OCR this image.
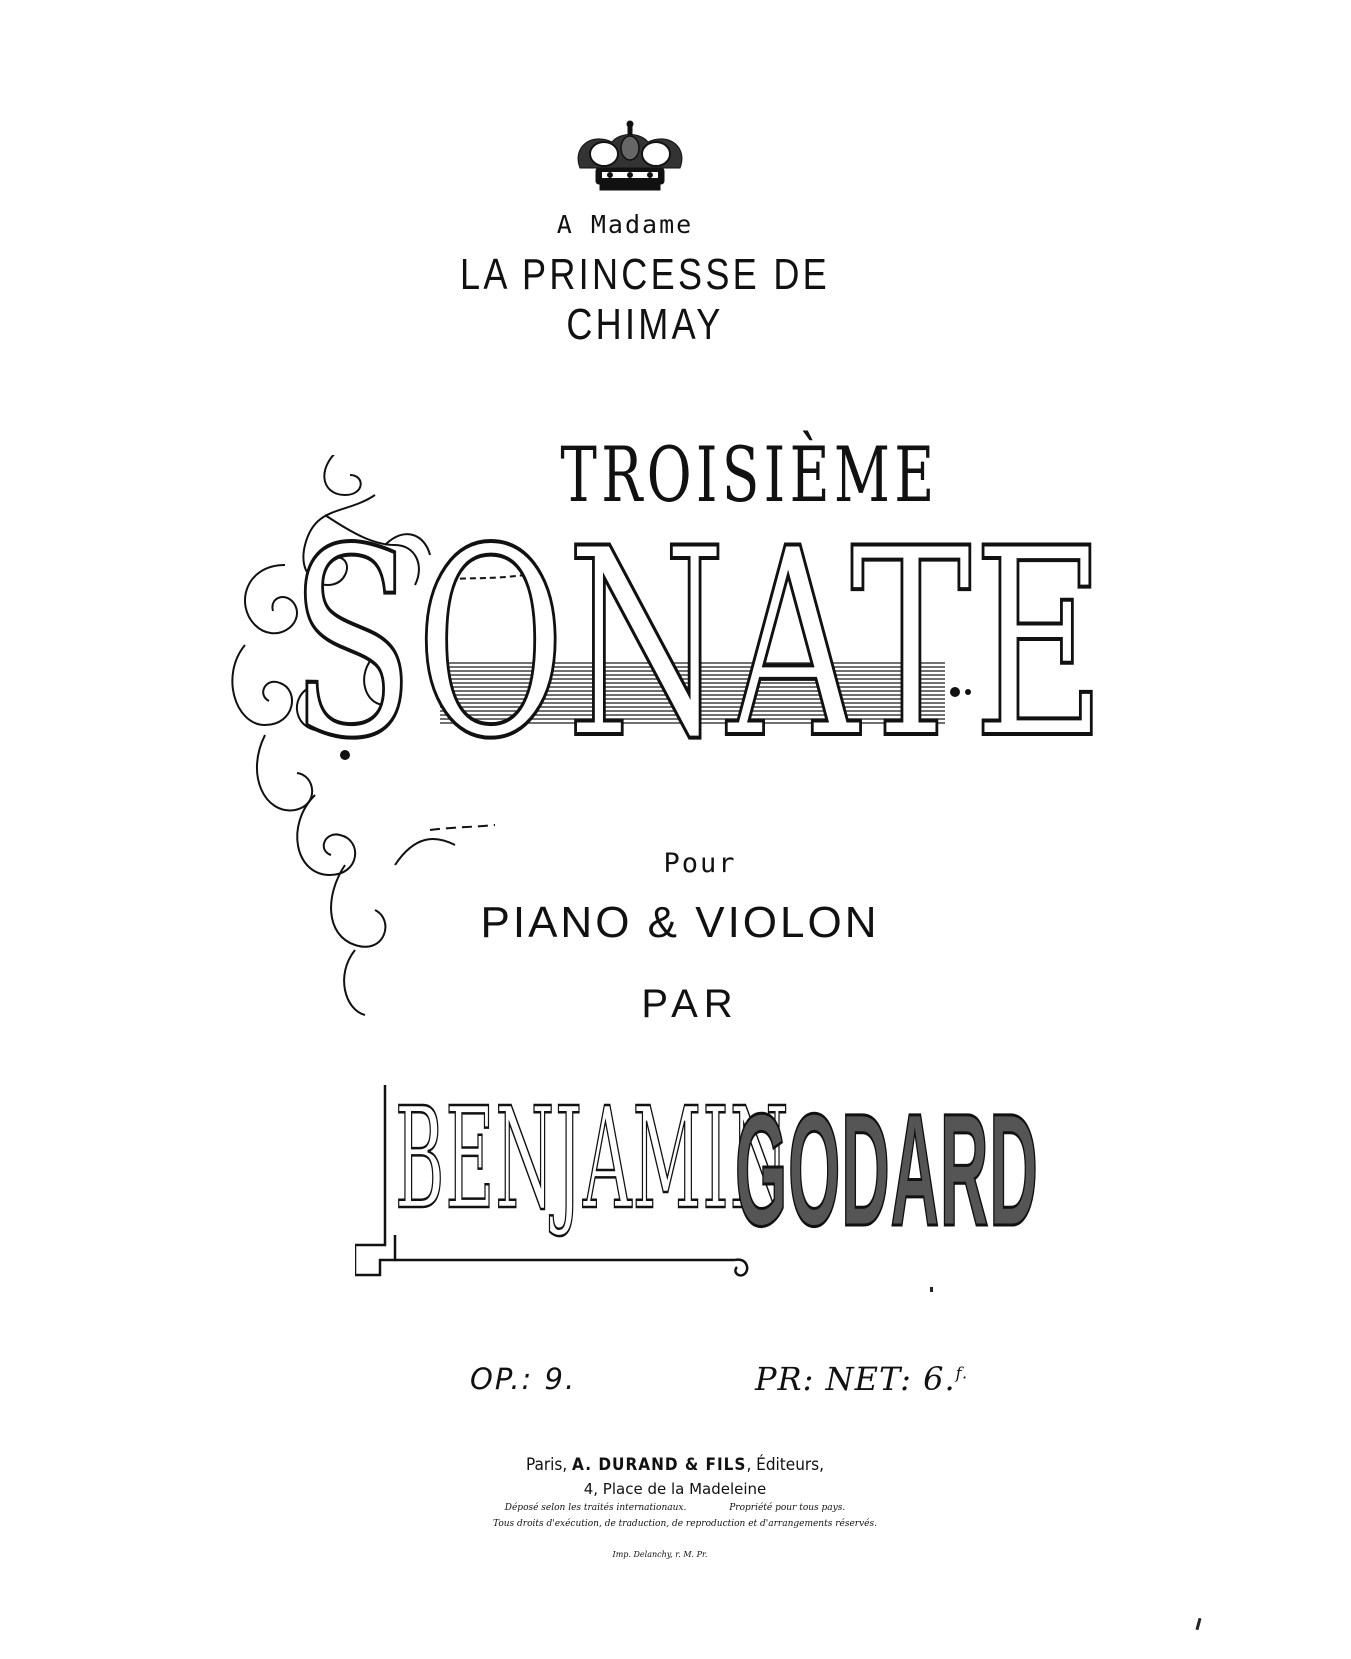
A Madame
LA PRINCESSE DE CHIMAY
TROISIÈME
SONATE
Pour
PIANO & VIOLON
PAR
BENJAMIN
GODARD
OP.: 9.	PR: NET: 6.$^{f.}$
Paris, A. DURAND & FILS, Éditeurs,
4, Place de la Madeleine
Déposé selon les traités internationaux.	Propriété pour tous pays.
Tous droits d'exécution, de traduction, de reproduction et d'arrangements réservés.
Imp. Delanchy, r. M. Pr.
